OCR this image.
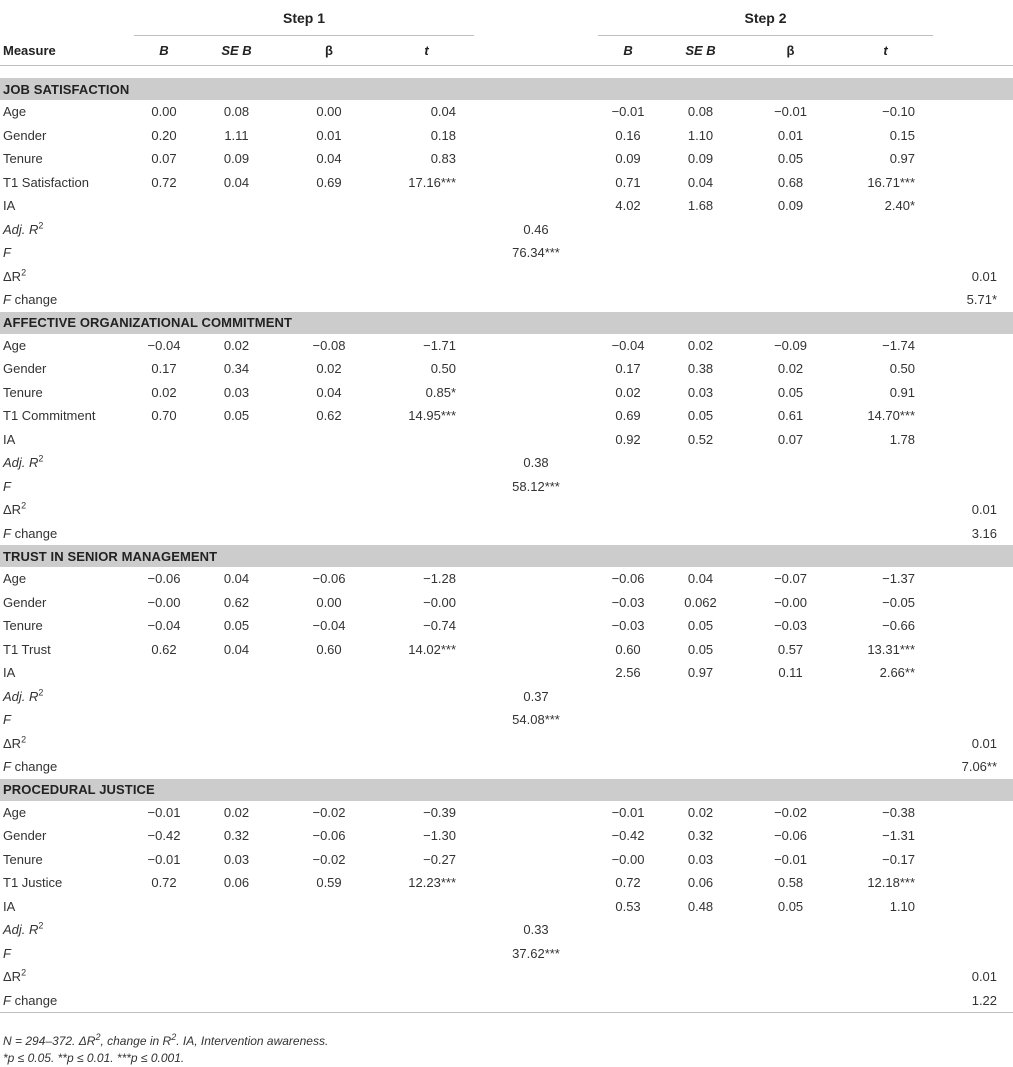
	Step 1					Step 2				
Measure	B	SE B	β	t		B	SE B	β	t	

JOB SATISFACTION										
Age	0.00	0.08	0.00	0.04		−0.01	0.08	−0.01	−0.10	
Gender	0.20	1.11	0.01	0.18		0.16	1.10	0.01	0.15	
Tenure	0.07	0.09	0.04	0.83		0.09	0.09	0.05	0.97	
T1 Satisfaction	0.72	0.04	0.69	17.16***		0.71	0.04	0.68	16.71***	
IA						4.02	1.68	0.09	2.40*	
Adj. $R^2$					0.46					
F					76.34***					
$\Delta R^2$										0.01
F change										5.71*
AFFECTIVE ORGANIZATIONAL COMMITMENT										
Age	−0.04	0.02	−0.08	−1.71		−0.04	0.02	−0.09	−1.74	
Gender	0.17	0.34	0.02	0.50		0.17	0.38	0.02	0.50	
Tenure	0.02	0.03	0.04	0.85*		0.02	0.03	0.05	0.91	
T1 Commitment	0.70	0.05	0.62	14.95***		0.69	0.05	0.61	14.70***	
IA						0.92	0.52	0.07	1.78	
Adj. $R^2$					0.38					
F					58.12***					
$\Delta R^2$										0.01
F change										3.16
TRUST IN SENIOR MANAGEMENT										
Age	−0.06	0.04	−0.06	−1.28		−0.06	0.04	−0.07	−1.37	
Gender	−0.00	0.62	0.00	−0.00		−0.03	0.062	−0.00	−0.05	
Tenure	−0.04	0.05	−0.04	−0.74		−0.03	0.05	−0.03	−0.66	
T1 Trust	0.62	0.04	0.60	14.02***		0.60	0.05	0.57	13.31***	
IA						2.56	0.97	0.11	2.66**	
Adj. $R^2$					0.37					
F					54.08***					
$\Delta R^2$										0.01
F change										7.06**
PROCEDURAL JUSTICE										
Age	−0.01	0.02	−0.02	−0.39		−0.01	0.02	−0.02	−0.38	
Gender	−0.42	0.32	−0.06	−1.30		−0.42	0.32	−0.06	−1.31	
Tenure	−0.01	0.03	−0.02	−0.27		−0.00	0.03	−0.01	−0.17	
T1 Justice	0.72	0.06	0.59	12.23***		0.72	0.06	0.58	12.18***	
IA						0.53	0.48	0.05	1.10	
Adj. $R^2$					0.33					
F					37.62***					
$\Delta R^2$										0.01
F change										1.22
N = 294–372. $\Delta R^2$, change in $R^2$. IA, Intervention awareness.
*p ≤ 0.05. **p ≤ 0.01. ***p ≤ 0.001.
